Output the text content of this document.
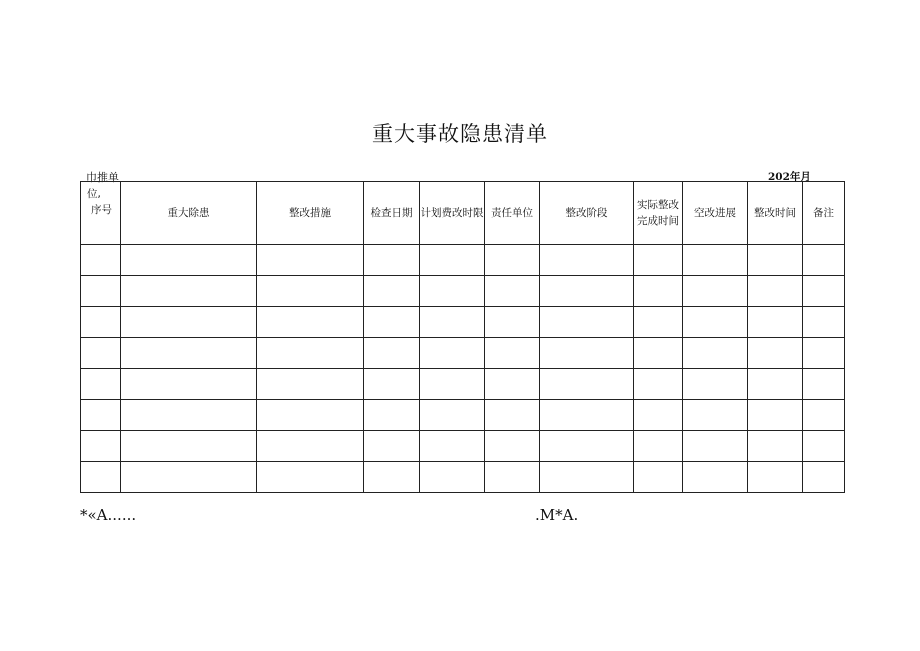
重大事故隐患清单
巾推单	202年月
位,
序号	重大除患	整改措施	检查日期	计划费改时限	责任单位	整改阶段	实际整改完成时间	空改进展	整改时间	备注

*«A......	.M*A.
